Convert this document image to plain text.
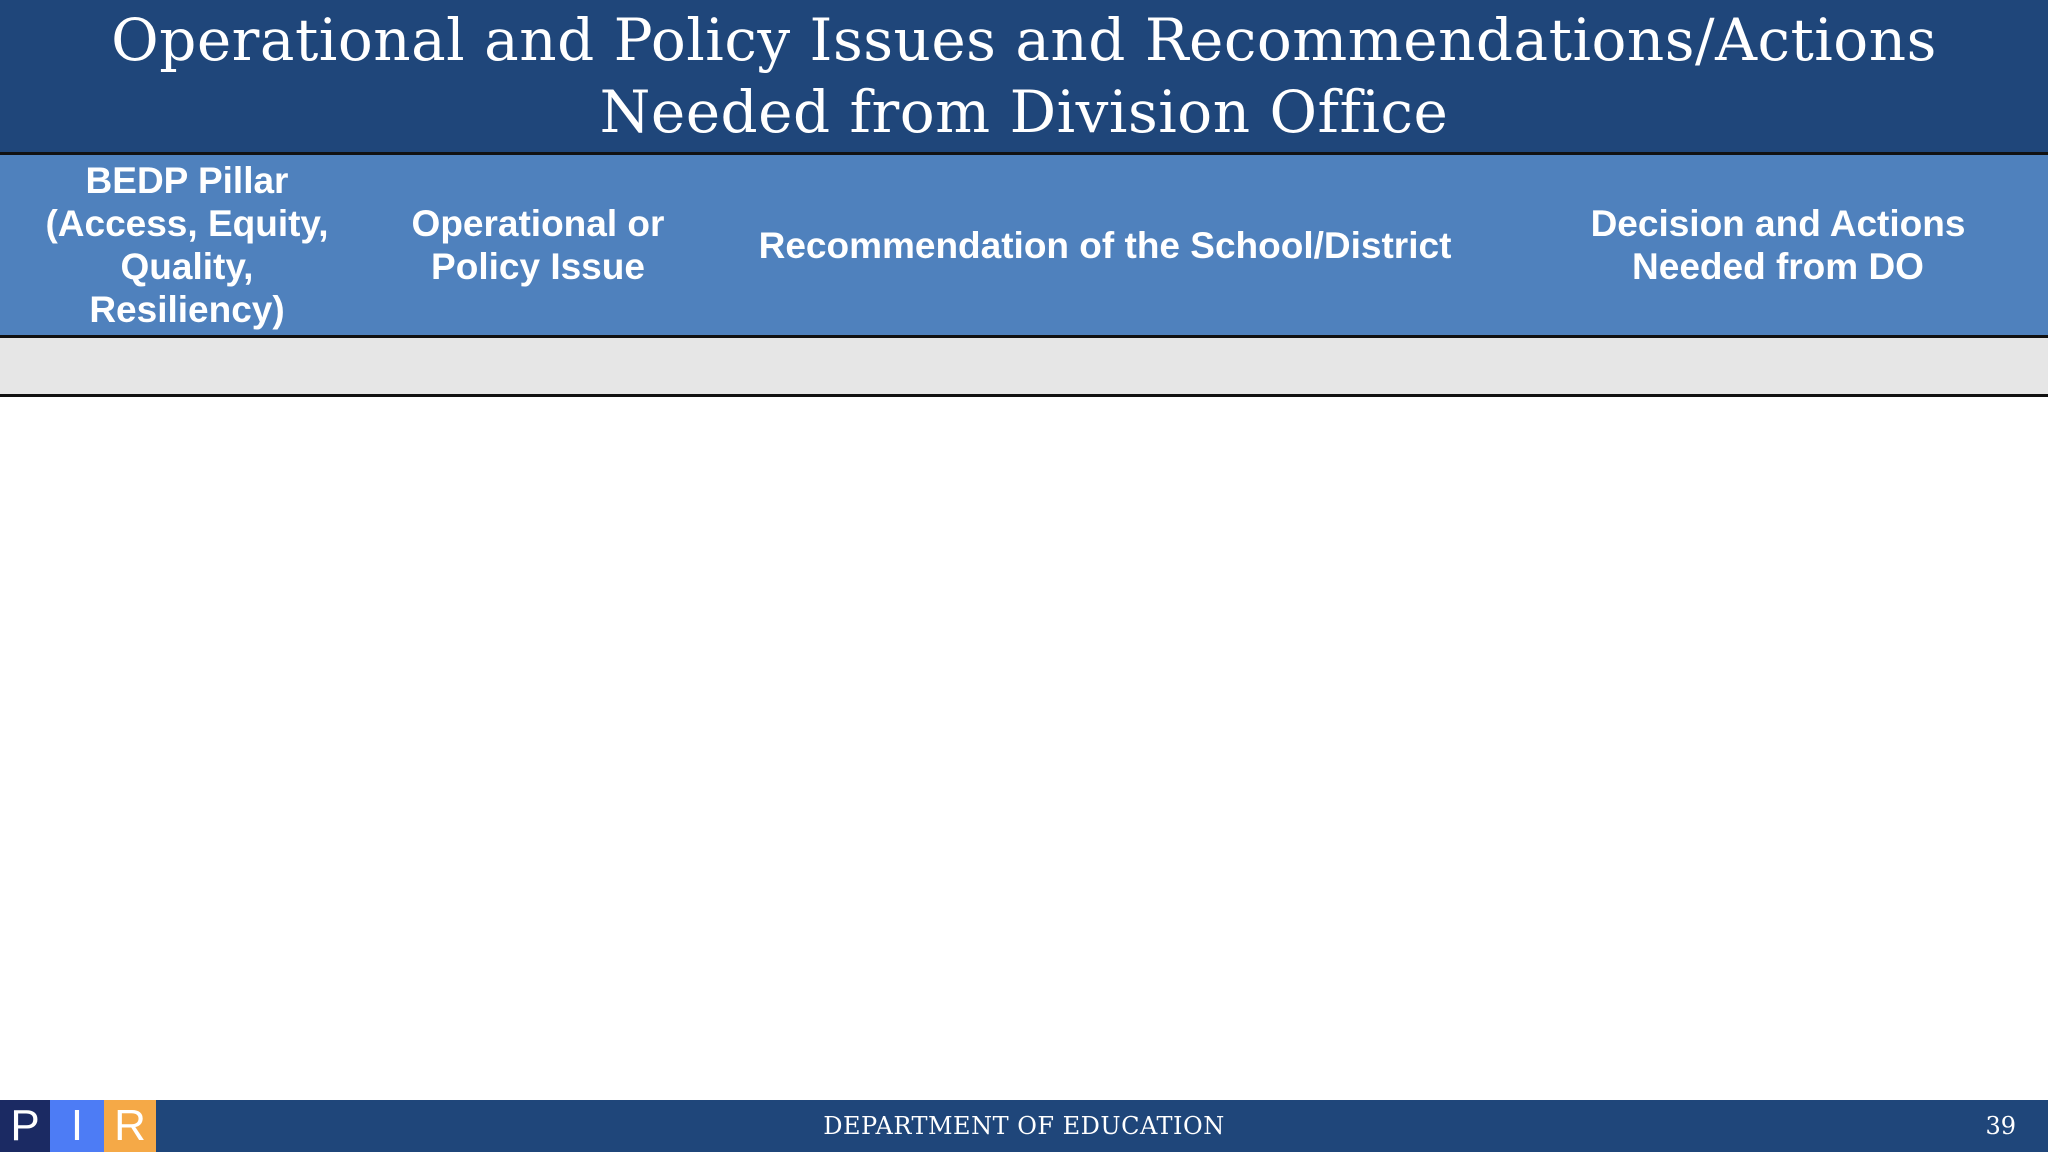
Operational and Policy Issues and Recommendations/Actions
Needed from Division Office
BEDP Pillar
(Access, Equity,
Quality,
Resiliency)
Operational or
Policy Issue
Recommendation of the School/District
Decision and Actions
Needed from DO
DEPARTMENT OF EDUCATION
P I R	39
